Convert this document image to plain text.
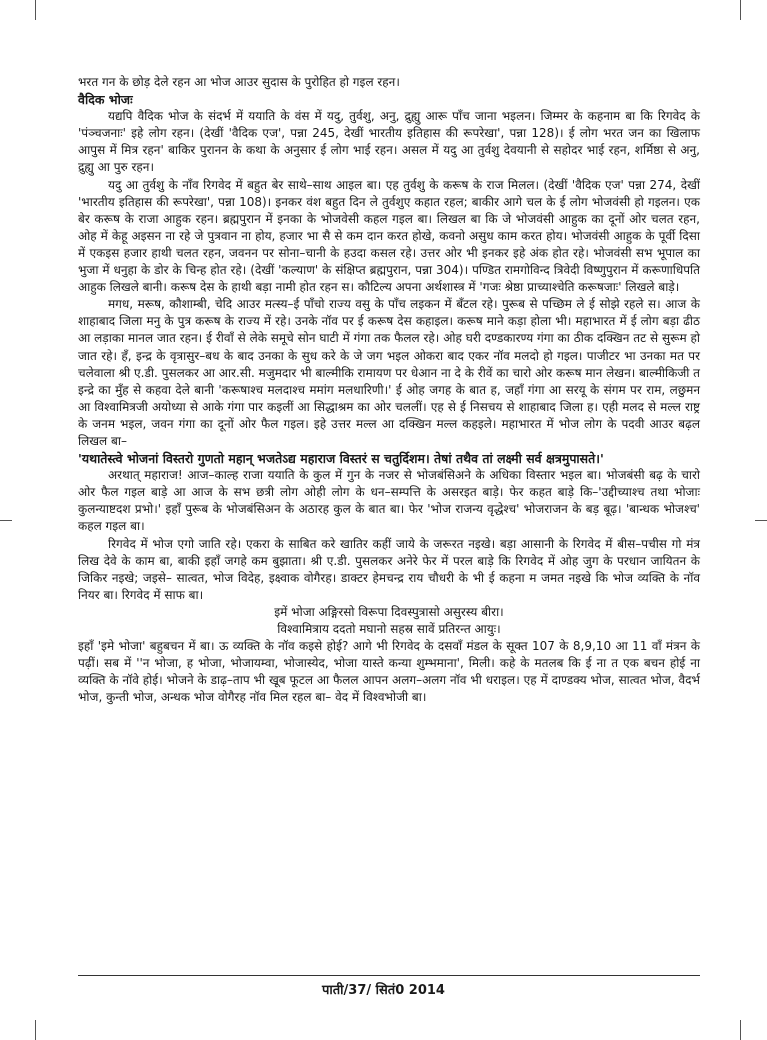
भरत गन के छोड़ देले रहन आ भोज आउर सुदास के पुरोहित हो गइल रहन।

वैदिक भोजः

यद्यपि वैदिक भोज के संदर्भ में ययाति के वंस में यदु, तुर्वशु, अनु, द्रुह्यु आरू पाँच जाना भइलन। जिम्मर के कहनाम बा कि रिगवेद के 'पंञ्चजनाः' इहे लोग रहन। (देखीं 'वैदिक एज', पन्ना 245, देखीं भारतीय इतिहास की रूपरेखा', पन्ना 128)। ई लोग भरत जन का खिलाफ आपुस में मित्र रहन' बाकिर पुरानन के कथा के अनुसार ई लोग भाई रहन। असल में यदु आ तुर्वशु देवयानी से सहोदर भाई रहन, शर्मिष्ठा से अनु, द्रुह्यु आ पुरु रहन।

यदु आ तुर्वशु के नाँव रिगवेद में बहुत बेर साथे–साथ आइल बा। एह तुर्वशु के करूष के राज मिलल। (देखीं 'वैदिक एज' पन्ना 274, देखीं 'भारतीय इतिहास की रूपरेखा', पन्ना 108)। इनकर वंश बहुत दिन ले तुर्वशुए कहात रहल; बाकीर आगे चल के ई लोग भोजवंसी हो गइलन। एक बेर करूष के राजा आहुक रहन। ब्रह्मपुरान में इनका के भोजवेसी कहल गइल बा। लिखल बा कि जे भोजवंसी आहुक का दूनों ओर चलत रहन, ओह में केहू अइसन ना रहे जे पुत्रवान ना होय, हजार भा सै से कम दान करत होखे, कवनो असुध काम करत होय। भोजवंसी आहुक के पूर्वी दिसा में एकइस हजार हाथी चलत रहन, जवनन पर सोना–चानी के हउदा कसल रहे। उत्तर ओर भी इनकर इहे अंक होत रहे। भोजवंसी सभ भूपाल का भुजा में धनुहा के डोर के चिन्ह होत रहे। (देखीं 'कल्याण' के संक्षिप्त ब्रह्मपुरान, पन्ना 304)। पण्डित रामगोविन्द त्रिवेदी विष्णुपुरान में करूणाधिपति आहुक लिखले बानी। करूष देस के हाथी बड़ा नामी होत रहन स। कौटिल्य अपना अर्थशास्त्र में 'गजः श्रेष्ठा प्राच्याश्चेति करूषजाः' लिखले बाड़े।

मगध, मरूष, कौशाम्बी, चेदि आउर मत्स्य–ई पाँचो राज्य वसु के पाँच लइकन में बँटल रहे। पुरूब से पच्छिम ले ई सोझे रहले स। आज के शाहाबाद जिला मनु के पुत्र करूष के राज्य में रहे। उनके नॉव पर ई करूष देस कहाइल। करूष माने कड़ा होला भी। महाभारत में ई लोग बड़ा ढीठ आ लड़ाका मानल जात रहन। ई रीवाँ से लेके समूचे सोन घाटी में गंगा तक फैलल रहे। ओह घरी दण्डकारण्य गंगा का ठीक दक्खिन तट से सुरूम हो जात रहे। हँ, इन्द्र के वृत्रासुर–बध के बाद उनका के सुध करे के जे जग भइल ओकरा बाद एकर नॉव मलदो हो गइल। पाजीटर भा उनका मत पर चलेवाला श्री ए.डी. पुसलकर आ आर.सी. मजुमदार भी बाल्मीकि रामायण पर धेआन ना दे के रीवें का चारो ओर करूष मान लेखन। बाल्मीकिजी त इन्द्रे का मुँह से कहवा देले बानी 'करूषाश्च मलदाश्च ममांग मलधारिणी।' ई ओह जगह के बात ह, जहाँ गंगा आ सरयू के संगम पर राम, लछुमन आ विश्वामित्रजी अयोध्या से आके गंगा पार कइलीं आ सिद्धाश्रम का ओर चललीं। एह से ई निसचय से शाहाबाद जिला ह। एही मलद से मल्ल राष्ट्र के जनम भइल, जवन गंगा का दूनों ओर फैल गइल। इहे उत्तर मल्ल आ दक्खिन मल्ल कहइले। महाभारत में भोज लोग के पदवी आउर बढ़ल लिखल बा–

'यथातेस्त्वे भोजनां विस्तरो गुणतो महान् भजतेऽद्य महाराज विस्तरं स चतुर्दिशम। तेषां तथैव तां लक्ष्मी सर्व क्षत्रमुपासते।'

अरथात् महाराज! आज–काल्ह राजा ययाति के कुल में गुन के नजर से भोजबंसिअने के अधिका विस्तार भइल बा। भोजबंसी बढ़ के चारो ओर फैल गइल बाड़े आ आज के सभ छत्री लोग ओही लोग के धन–सम्पत्ति के असरइत बाड़े। फेर कहत बाड़े कि–'उद्दीच्याश्च तथा भोजाः कुलन्याष्टदश प्रभो।' इहाँ पुरूब के भोजबंसिअन के अठारह कुल के बात बा। फेर 'भोज राजन्य वृद्धेश्च' भोजराजन के बड़ बूढ़। 'बान्धक भोजश्च' कहल गइल बा।

रिगवेद में भोज एगो जाति रहे। एकरा के साबित करे खातिर कहीं जाये के जरूरत नइखे। बड़ा आसानी के रिगवेद में बीस–पचीस गो मंत्र लिख देवे के काम बा, बाकी इहाँ जगहे कम बुझाता। श्री ए.डी. पुसलकर अनेरे फेर में परल बाड़े कि रिगवेद में ओह जुग के परधान जायितन के जिकिर नइखे; जइसे– सात्वत, भोज विदेह, इक्ष्वाक वोगैरह। डाक्टर हेमचन्द्र राय चौधरी के भी ई कहना म जमत नइखे कि भोज व्यक्ति के नॉव नियर बा। रिगवेद में साफ बा।

इमें भोजा अङ्गिरसो विरूपा दिवस्पुत्रासो असुरस्य बीरा।

विश्वामित्राय ददतो मघानो सहस्र सावें प्रतिरन्त आयुः।

इहाँ 'इमे भोजा' बहुबचन में बा। ऊ व्यक्ति के नॉव कइसे होई? आगे भी रिगवेद के दसवाँ मंडल के सूक्त 107 के 8,9,10 आ 11 वाँ मंत्रन के पढ़ीं। सब में ''न भोजा, ह भोजा, भोजायम्वा, भोजास्येद, भोजा यास्ते कन्या शुम्भमाना', मिली। कहे के मतलब कि ई ना त एक बचन होई ना व्यक्ति के नॉवे होई। भोजने के डाढ़–ताप भी खूब फूटल आ फैलल आपन अलग–अलग नॉव भी धराइल। एह में दाण्डक्य भोज, सात्वत भोज, वैदर्भ भोज, कुन्ती भोज, अन्धक भोज वोगैरह नॉव मिल रहल बा– वेद में विश्वभोजी बा।

पाती/37/ सितं0 2014
